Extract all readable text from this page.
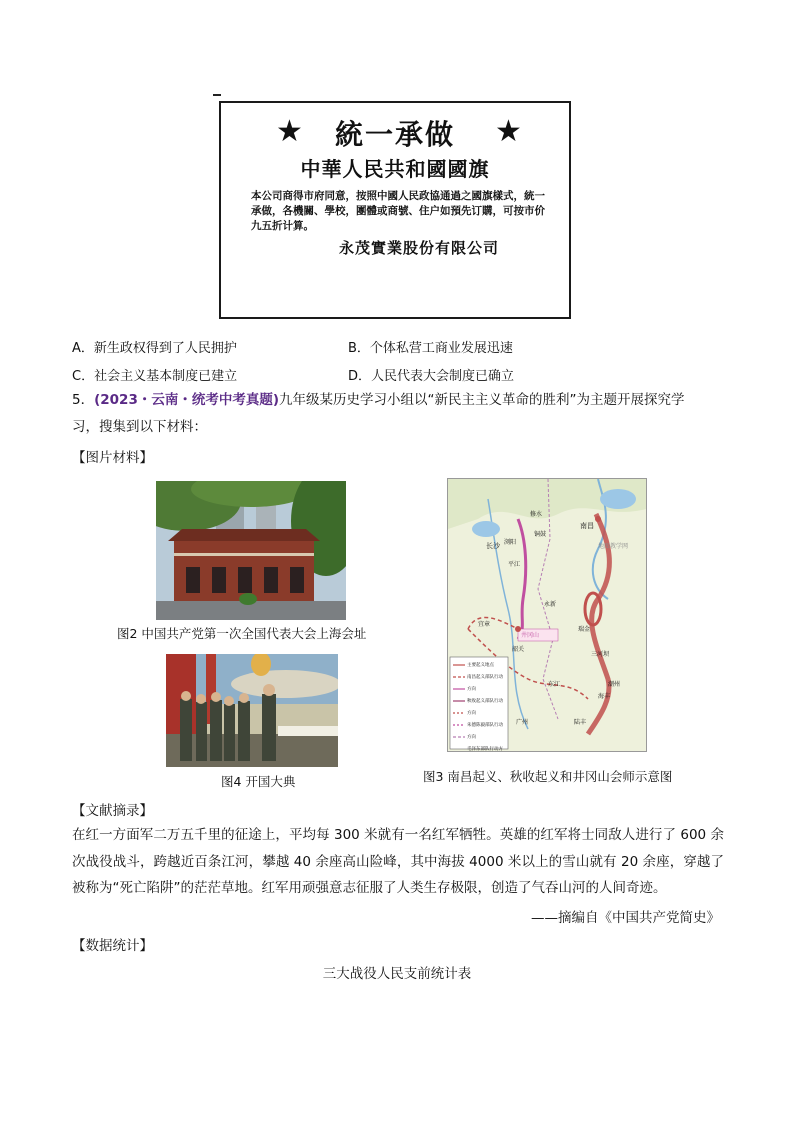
★	★
統一承做
中華人民共和國國旗
本公司商得市府同意，按照中國人民政協通過之國旗樣式，統一承做，各機關、學校，團體或商號、住户如預先订購，可按市价九五折计算。
永茂實業股份有限公司
A．新生政权得到了人民拥护	B．个体私营工商业发展迅速
C．社会主义基本制度已建立	D．人民代表大会制度已确立
5．(2023・云南・统考中考真题)九年级某历史学习小组以“新民主主义革命的胜利”为主题开展探究学
习，搜集到以下材料：
【图片材料】
图2 中国共产党第一次全国代表大会上海会址
图4 开国大典
长沙
南昌
修水
浏阳
铜鼓
平江
永新
井冈山
瑞金
宜章
韶关
三河坝
潮州
海丰
陆丰
广州
东江
地图教学网
主要起义地点
南昌起义部队行动方向
秋收起义部队行动方向
朱德陈毅部队行动方向
毛泽东部队行动方
图3 南昌起义、秋收起义和井冈山会师示意图
【文献摘录】
在红一方面军二万五千里的征途上，平均每 300 米就有一名红军牺牲。英雄的红军将士同敌人进行了 600 余次战役战斗，跨越近百条江河，攀越 40 余座高山险峰，其中海拔 4000 米以上的雪山就有 20 余座，穿越了被称为“死亡陷阱”的茫茫草地。红军用顽强意志征服了人类生存极限，创造了气吞山河的人间奇迹。
——摘编自《中国共产党简史》
【数据统计】
三大战役人民支前统计表
